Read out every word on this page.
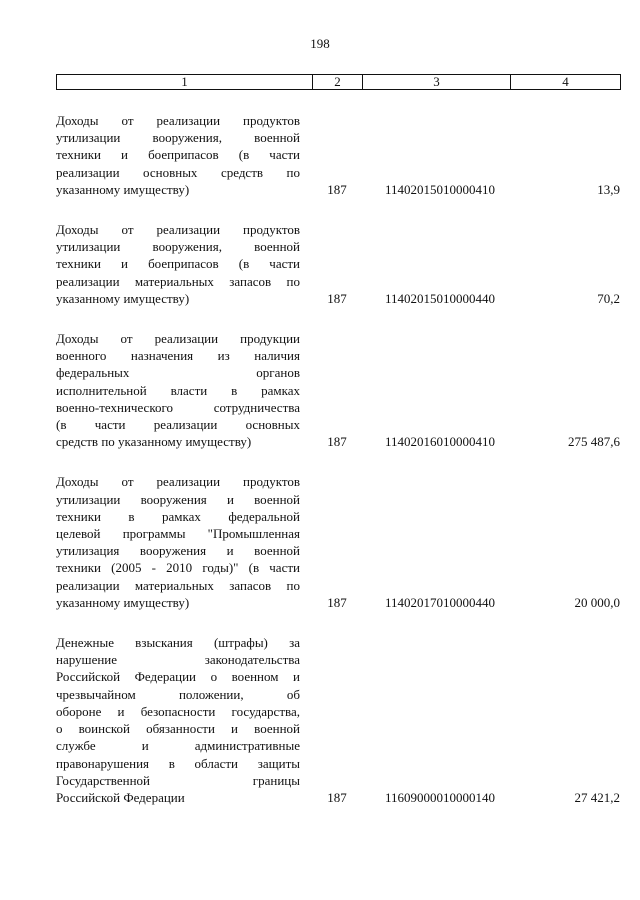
198
1	2	3	4
Доходы от реализации продуктов
утилизации вооружения, военной
техники и боеприпасов (в части
реализации основных средств по
указанному имуществу)	187	11402015010000410	13,9
Доходы от реализации продуктов
утилизации вооружения, военной
техники и боеприпасов (в части
реализации материальных запасов по
указанному имуществу)	187	11402015010000440	70,2
Доходы от реализации продукции
военного назначения из наличия
федеральных органов
исполнительной власти в рамках
военно-технического сотрудничества
(в части реализации основных
средств по указанному имуществу)	187	11402016010000410	275 487,6
Доходы от реализации продуктов
утилизации вооружения и военной
техники в рамках федеральной
целевой программы "Промышленная
утилизация вооружения и военной
техники (2005 - 2010 годы)" (в части
реализации материальных запасов по
указанному имуществу)	187	11402017010000440	20 000,0
Денежные взыскания (штрафы) за
нарушение законодательства
Российской Федерации о военном и
чрезвычайном положении, об
обороне и безопасности государства,
о воинской обязанности и военной
службе и административные
правонарушения в области защиты
Государственной границы
Российской Федерации	187	11609000010000140	27 421,2
